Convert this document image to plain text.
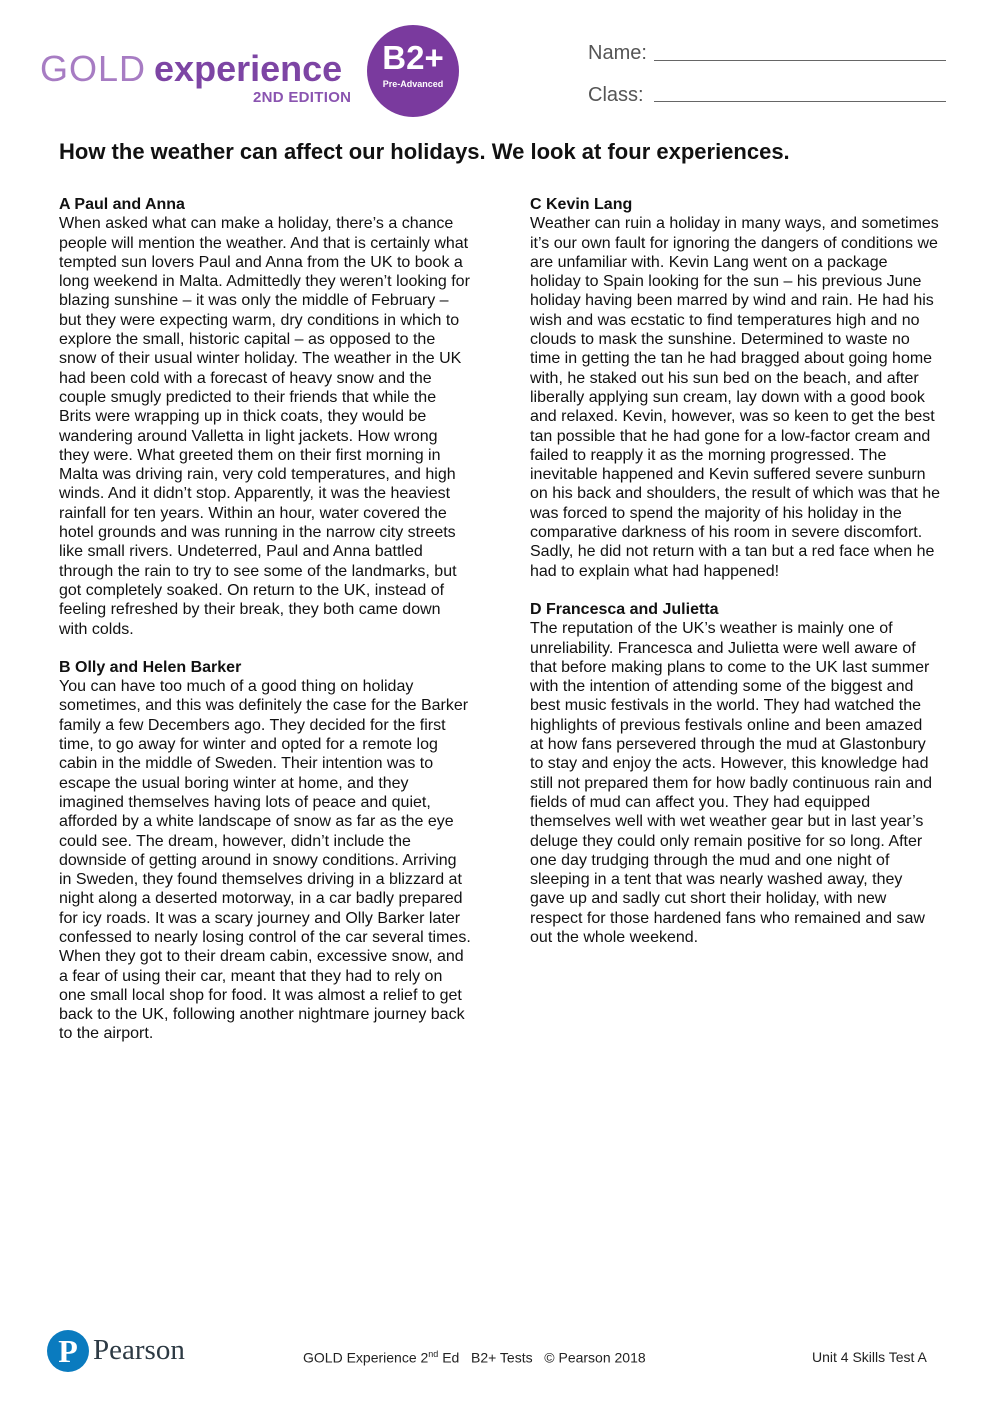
GOLD experience
2ND EDITION
B2+
Pre-Advanced
Name:
Class:
How the weather can affect our holidays. We look at four experiences.
A Paul and Anna

When asked what can make a holiday, there’s a chance people will mention the weather. And that is certainly what tempted sun lovers Paul and Anna from the UK to book a long weekend in Malta. Admittedly they weren’t looking for blazing sunshine – it was only the middle of February – but they were expecting warm, dry conditions in which to explore the small, historic capital – as opposed to the snow of their usual winter holiday. The weather in the UK had been cold with a forecast of heavy snow and the couple smugly predicted to their friends that while the Brits were wrapping up in thick coats, they would be wandering around Valletta in light jackets. How wrong they were. What greeted them on their first morning in Malta was driving rain, very cold temperatures, and high winds. And it didn’t stop. Apparently, it was the heaviest rainfall for ten years. Within an hour, water covered the hotel grounds and was running in the narrow city streets like small rivers. Undeterred, Paul and Anna battled through the rain to try to see some of the landmarks, but got completely soaked. On return to the UK, instead of feeling refreshed by their break, they both came down with colds.

B Olly and Helen Barker

You can have too much of a good thing on holiday sometimes, and this was definitely the case for the Barker family a few Decembers ago. They decided for the first time, to go away for winter and opted for a remote log cabin in the middle of Sweden. Their intention was to escape the usual boring winter at home, and they imagined themselves having lots of peace and quiet, afforded by a white landscape of snow as far as the eye could see. The dream, however, didn’t include the downside of getting around in snowy conditions. Arriving in Sweden, they found themselves driving in a blizzard at night along a deserted motorway, in a car badly prepared for icy roads. It was a scary journey and Olly Barker later confessed to nearly losing control of the car several times. When they got to their dream cabin, excessive snow, and a fear of using their car, meant that they had to rely on one small local shop for food. It was almost a relief to get back to the UK, following another nightmare journey back to the airport.

C Kevin Lang

Weather can ruin a holiday in many ways, and sometimes it’s our own fault for ignoring the dangers of conditions we are unfamiliar with. Kevin Lang went on a package holiday to Spain looking for the sun – his previous June holiday having been marred by wind and rain. He had his wish and was ecstatic to find temperatures high and no clouds to mask the sunshine. Determined to waste no time in getting the tan he had bragged about going home with, he staked out his sun bed on the beach, and after liberally applying sun cream, lay down with a good book and relaxed. Kevin, however, was so keen to get the best tan possible that he had gone for a low-factor cream and failed to reapply it as the morning progressed. The inevitable happened and Kevin suffered severe sunburn on his back and shoulders, the result of which was that he was forced to spend the majority of his holiday in the comparative darkness of his room in severe discomfort. Sadly, he did not return with a tan but a red face when he had to explain what had happened!

D Francesca and Julietta

The reputation of the UK’s weather is mainly one of unreliability. Francesca and Julietta were well aware of that before making plans to come to the UK last summer with the intention of attending some of the biggest and best music festivals in the world. They had watched the highlights of previous festivals online and been amazed at how fans persevered through the mud at Glastonbury to stay and enjoy the acts. However, this knowledge had still not prepared them for how badly continuous rain and fields of mud can affect you. They had equipped themselves well with wet weather gear but in last year’s deluge they could only remain positive for so long. After one day trudging through the mud and one night of sleeping in a tent that was nearly washed away, they gave up and sadly cut short their holiday, with new respect for those hardened fans who remained and saw out the whole weekend.

P Pearson	GOLD Experience 2nd Ed   B2+ Tests   © Pearson 2018	Unit 4 Skills Test A
